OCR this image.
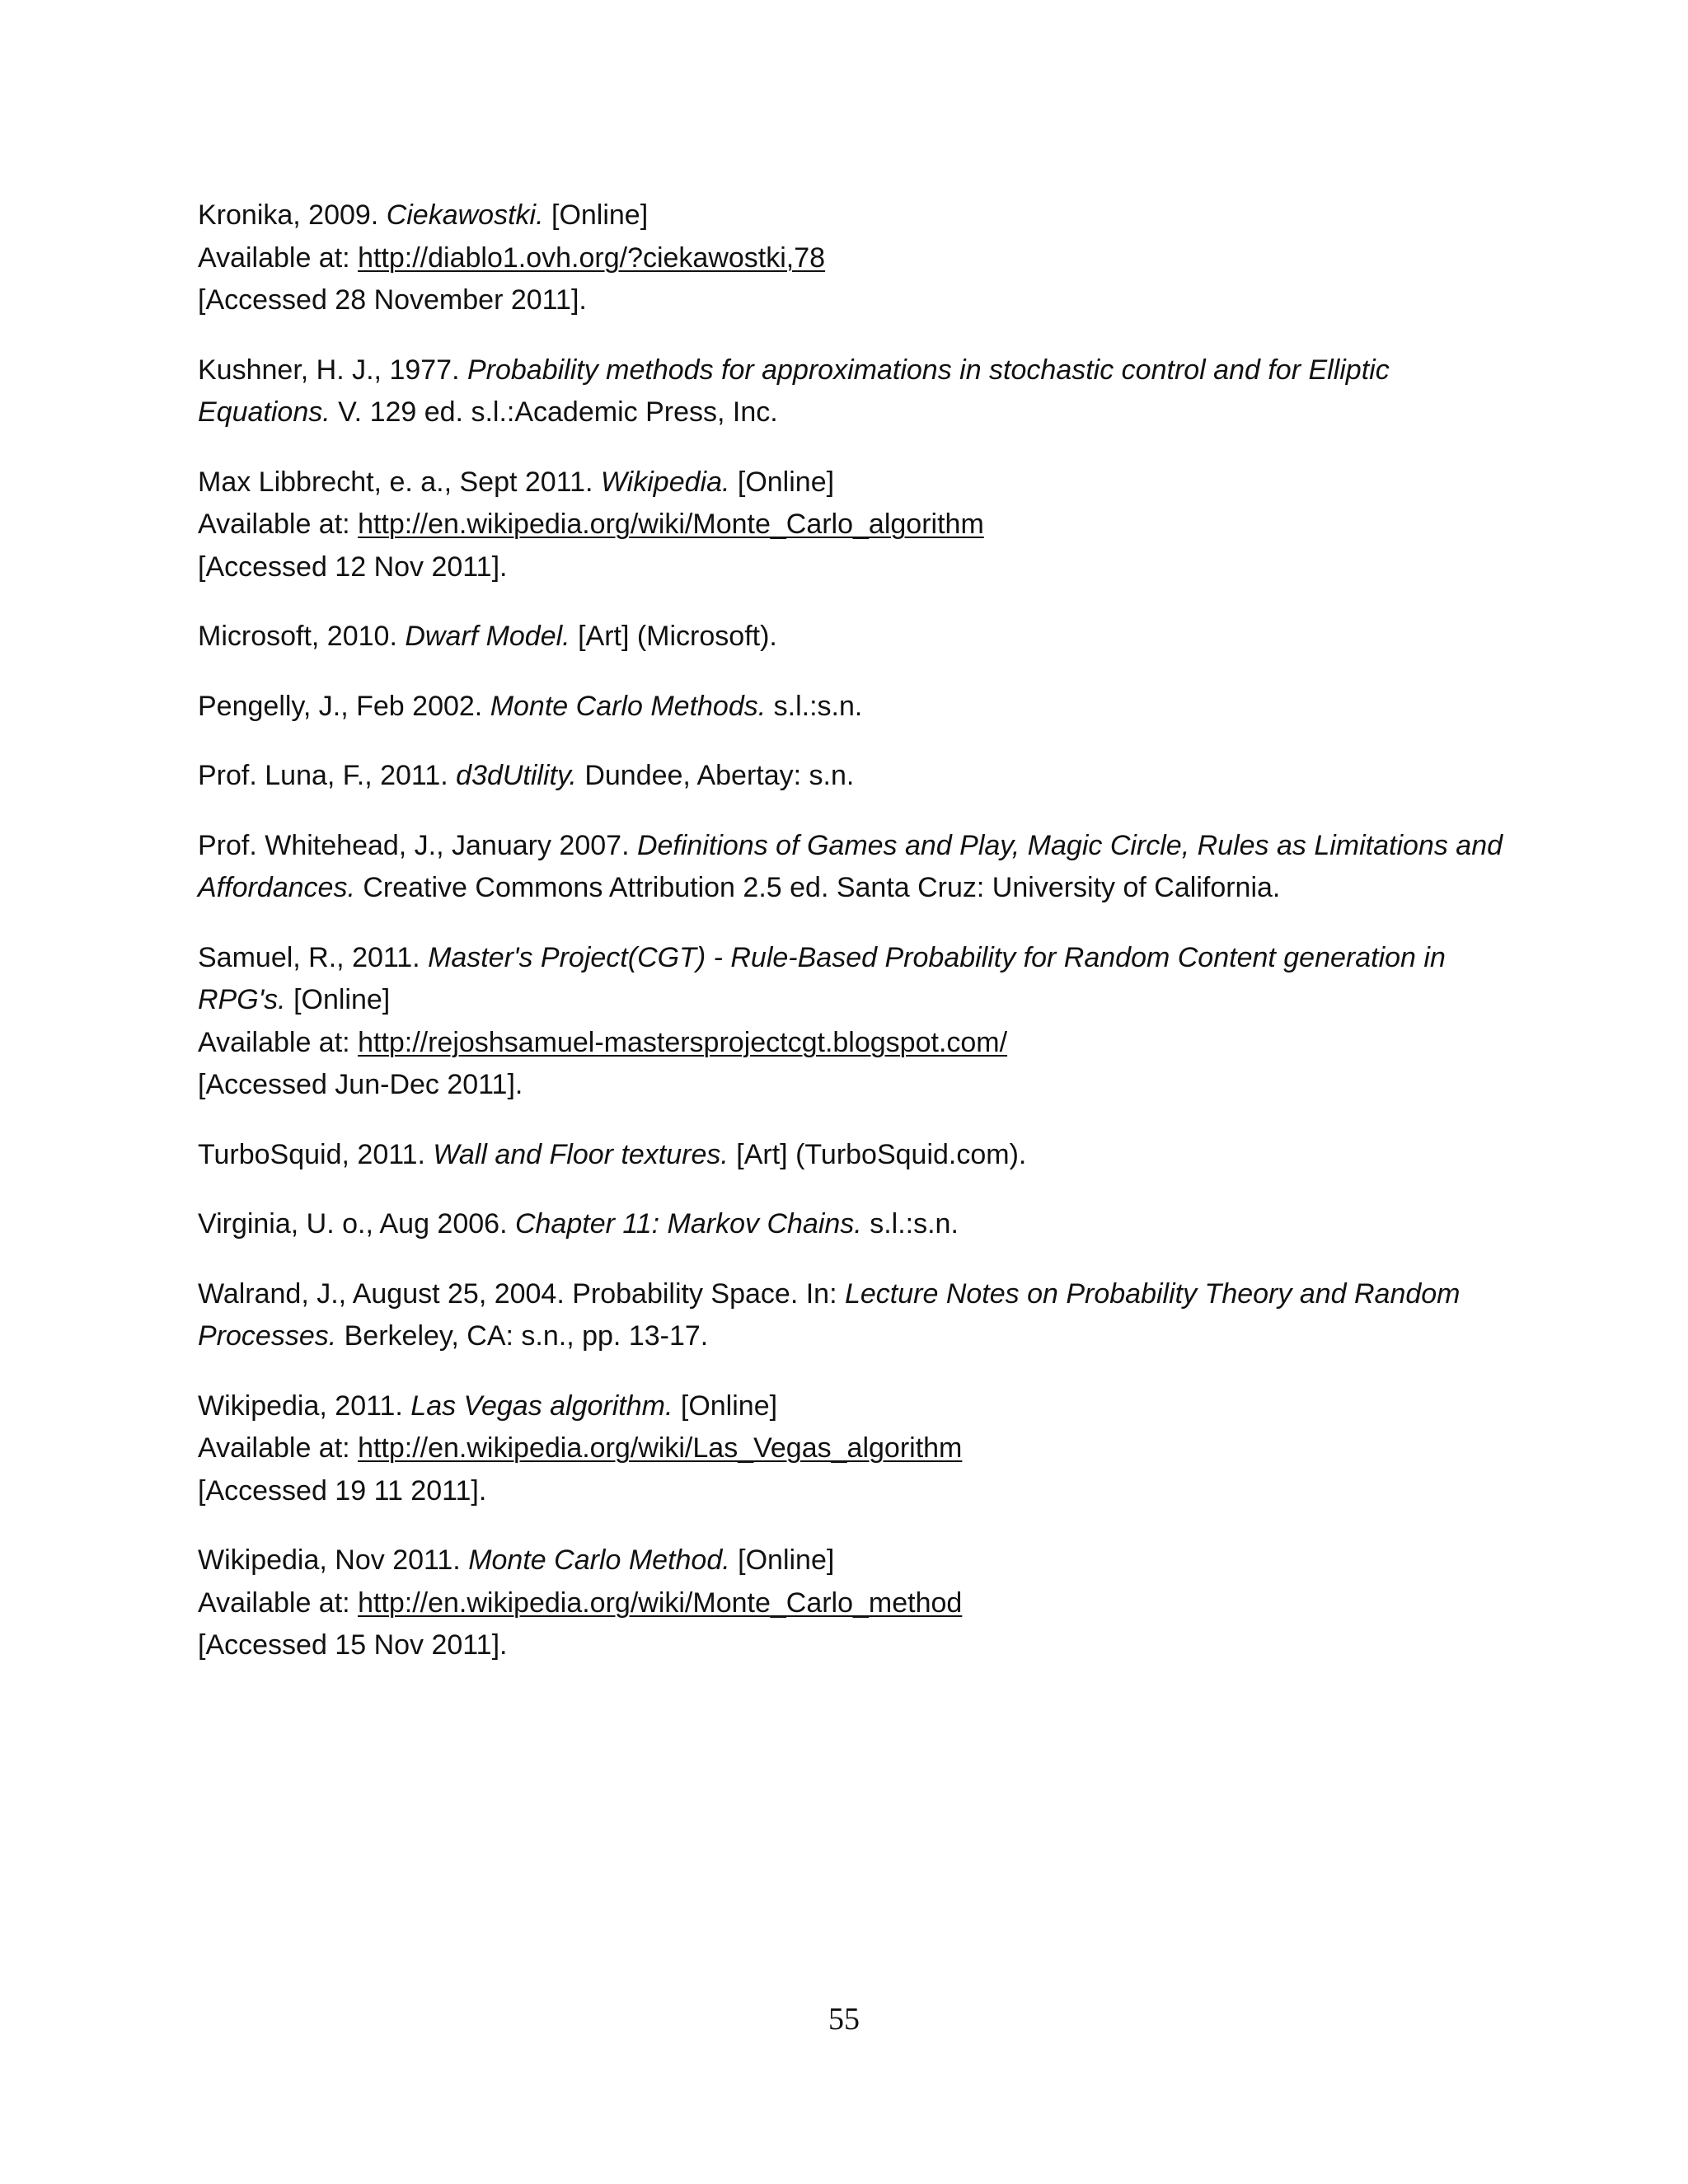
Kronika, 2009. Ciekawostki. [Online]
Available at: http://diablo1.ovh.org/?ciekawostki,78
[Accessed 28 November 2011].
Kushner, H. J., 1977. Probability methods for approximations in stochastic control and for Elliptic
Equations. V. 129 ed. s.l.:Academic Press, Inc.
Max Libbrecht, e. a., Sept 2011. Wikipedia. [Online]
Available at: http://en.wikipedia.org/wiki/Monte_Carlo_algorithm
[Accessed 12 Nov 2011].
Microsoft, 2010. Dwarf Model. [Art] (Microsoft).
Pengelly, J., Feb 2002. Monte Carlo Methods. s.l.:s.n.
Prof. Luna, F., 2011. d3dUtility. Dundee, Abertay: s.n.
Prof. Whitehead, J., January 2007. Definitions of Games and Play, Magic Circle, Rules as Limitations and
Affordances. Creative Commons Attribution 2.5 ed. Santa Cruz: University of California.
Samuel, R., 2011. Master's Project(CGT) - Rule-Based Probability for Random Content generation in
RPG's. [Online]
Available at: http://rejoshsamuel-mastersprojectcgt.blogspot.com/
[Accessed Jun-Dec 2011].
TurboSquid, 2011. Wall and Floor textures. [Art] (TurboSquid.com).
Virginia, U. o., Aug 2006. Chapter 11: Markov Chains. s.l.:s.n.
Walrand, J., August 25, 2004. Probability Space. In: Lecture Notes on Probability Theory and Random
Processes. Berkeley, CA: s.n., pp. 13-17.
Wikipedia, 2011. Las Vegas algorithm. [Online]
Available at: http://en.wikipedia.org/wiki/Las_Vegas_algorithm
[Accessed 19 11 2011].
Wikipedia, Nov 2011. Monte Carlo Method. [Online]
Available at: http://en.wikipedia.org/wiki/Monte_Carlo_method
[Accessed 15 Nov 2011].
55
